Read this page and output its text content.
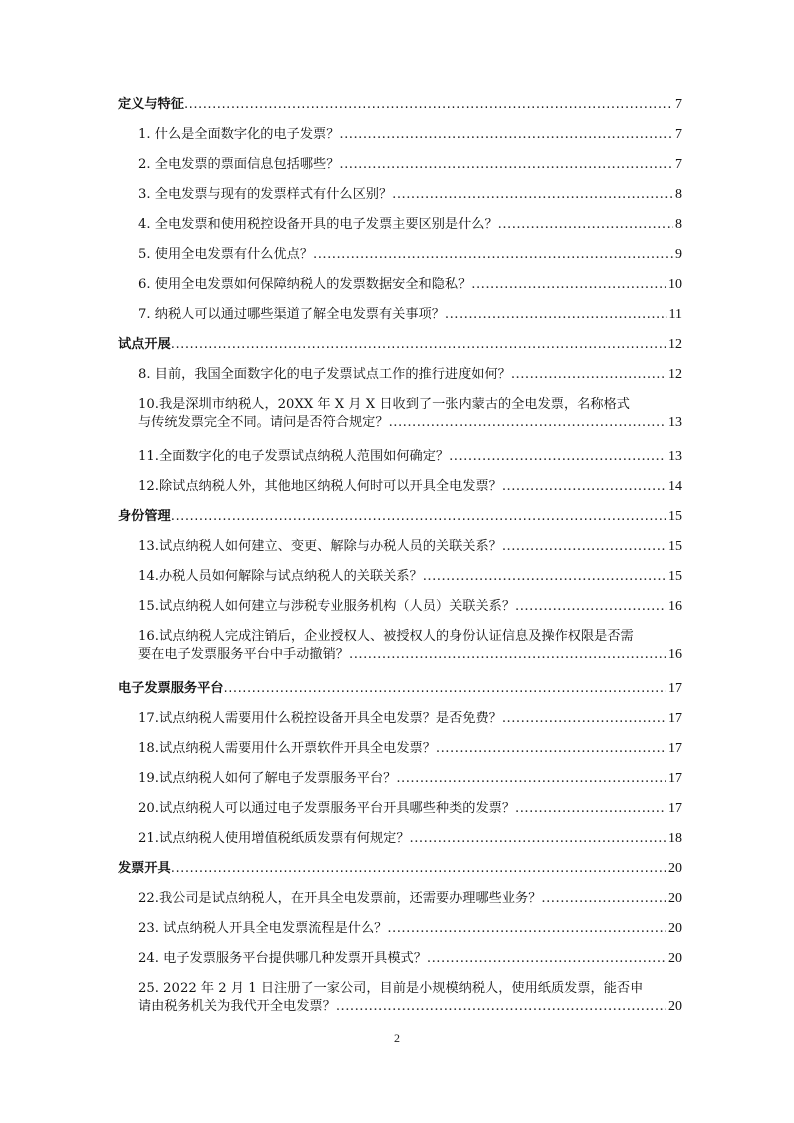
定义与特征 .....	7
1. 什么是全面数字化的电子发票？ .....	7
2. 全电发票的票面信息包括哪些？ .....	7
3. 全电发票与现有的发票样式有什么区别？ .....	8
4. 全电发票和使用税控设备开具的电子发票主要区别是什么？ .....	8
5. 使用全电发票有什么优点？ .....	9
6. 使用全电发票如何保障纳税人的发票数据安全和隐私？ .....	10
7. 纳税人可以通过哪些渠道了解全电发票有关事项？ .....	11
试点开展 .....	12
8. 目前，我国全面数字化的电子发票试点工作的推行进度如何？ .....	12
10.我是深圳市纳税人，20XX 年 X 月 X 日收到了一张内蒙古的全电发票，名称格式
与传统发票完全不同。请问是否符合规定？ .....	13
11.全面数字化的电子发票试点纳税人范围如何确定？ .....	13
12.除试点纳税人外，其他地区纳税人何时可以开具全电发票？ .....	14
身份管理 .....	15
13.试点纳税人如何建立、变更、解除与办税人员的关联关系？ .....	15
14.办税人员如何解除与试点纳税人的关联关系？ .....	15
15.试点纳税人如何建立与涉税专业服务机构（人员）关联关系？ .....	16
16.试点纳税人完成注销后，企业授权人、被授权人的身份认证信息及操作权限是否需
要在电子发票服务平台中手动撤销？ .....	16
电子发票服务平台 .....	17
17.试点纳税人需要用什么税控设备开具全电发票？是否免费？ .....	17
18.试点纳税人需要用什么开票软件开具全电发票？ .....	17
19.试点纳税人如何了解电子发票服务平台？ .....	17
20.试点纳税人可以通过电子发票服务平台开具哪些种类的发票？ .....	17
21.试点纳税人使用增值税纸质发票有何规定？ .....	18
发票开具 .....	20
22.我公司是试点纳税人，在开具全电发票前，还需要办理哪些业务？ .....	20
23. 试点纳税人开具全电发票流程是什么？ .....	20
24. 电子发票服务平台提供哪几种发票开具模式？ .....	20
25. 2022 年 2 月 1 日注册了一家公司，目前是小规模纳税人，使用纸质发票，能否申
请由税务机关为我代开全电发票？ .....	20
2
